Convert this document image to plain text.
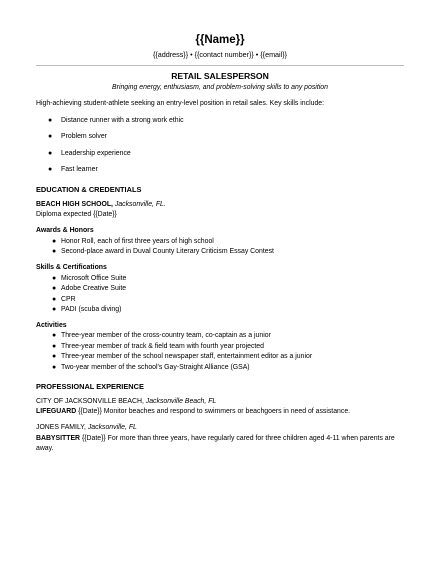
{{Name}}
{{address}} • {{contact number}} • {{email}}
RETAIL SALESPERSON
Bringing energy, enthusiasm, and problem-solving skills to any position
High-achieving student-athlete seeking an entry-level position in retail sales. Key skills include:
● Distance runner with a strong work ethic
● Problem solver
● Leadership experience
● Fast learner
EDUCATION & CREDENTIALS
BEACH HIGH SCHOOL, Jacksonville, FL.
Diploma expected {{Date}}
Awards & Honors
● Honor Roll, each of first three years of high school
● Second-place award in Duval County Literary Criticism Essay Contest
Skills & Certifications
● Microsoft Office Suite
● Adobe Creative Suite
● CPR
● PADI (scuba diving)
Activities
● Three-year member of the cross-country team, co-captain as a junior
● Three-year member of track & field team with fourth year projected
● Three-year member of the school newspaper staff, entertainment editor as a junior
● Two-year member of the school's Gay-Straight Alliance (GSA)
PROFESSIONAL EXPERIENCE
CITY OF JACKSONVILLE BEACH, Jacksonville Beach, FL
LIFEGUARD {{Date}} Monitor beaches and respond to swimmers or beachgoers in need of assistance.
JONES FAMILY, Jacksonville, FL
BABYSITTER {{Date}} For more than three years, have regularly cared for three children aged 4-11 when parents are away.
